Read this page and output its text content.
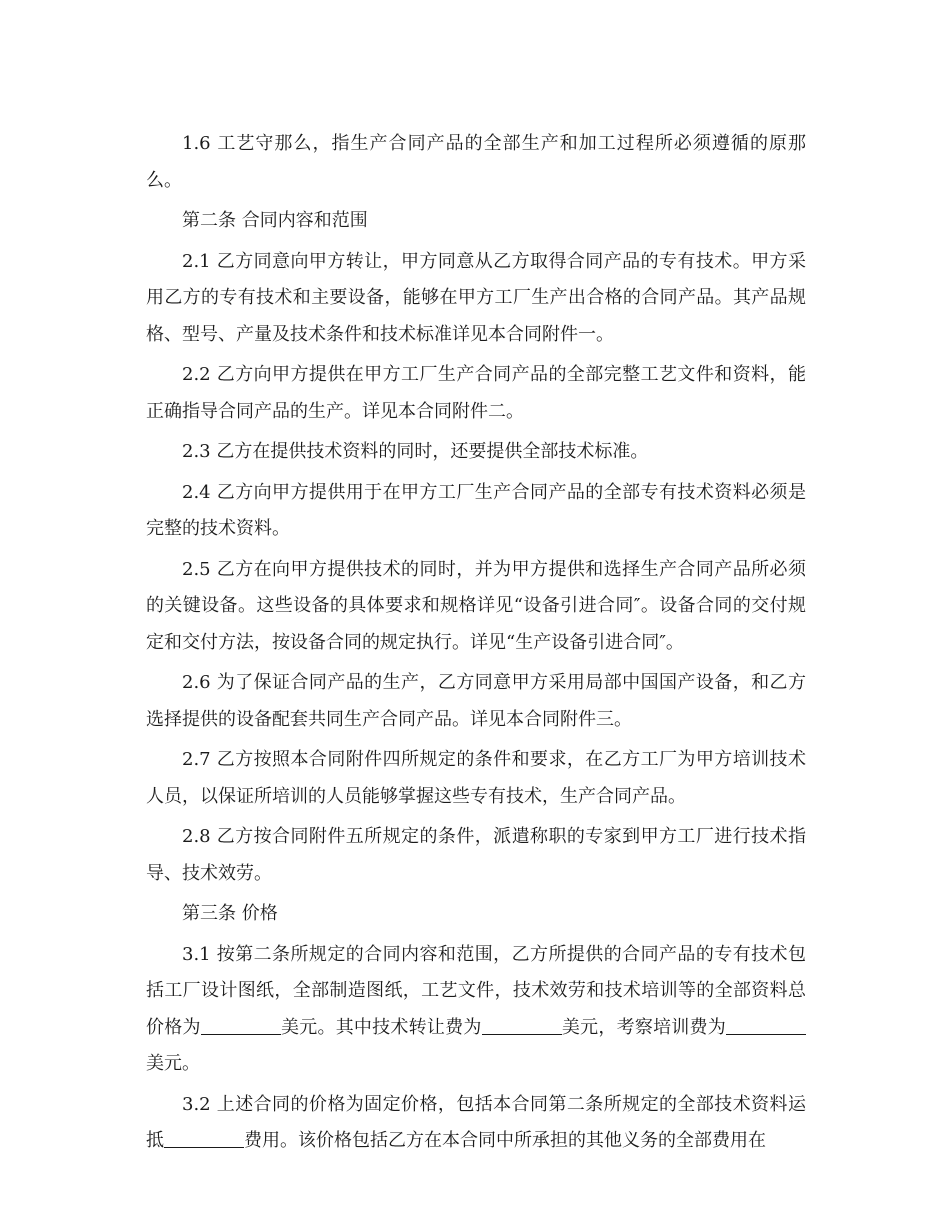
1.6 工艺守那么，指生产合同产品的全部生产和加工过程所必须遵循的原那么。

第二条 合同内容和范围

2.1 乙方同意向甲方转让，甲方同意从乙方取得合同产品的专有技术。甲方采用乙方的专有技术和主要设备，能够在甲方工厂生产出合格的合同产品。其产品规格、型号、产量及技术条件和技术标准详见本合同附件一。

2.2 乙方向甲方提供在甲方工厂生产合同产品的全部完整工艺文件和资料，能正确指导合同产品的生产。详见本合同附件二。

2.3 乙方在提供技术资料的同时，还要提供全部技术标准。

2.4 乙方向甲方提供用于在甲方工厂生产合同产品的全部专有技术资料必须是完整的技术资料。

2.5 乙方在向甲方提供技术的同时，并为甲方提供和选择生产合同产品所必须的关键设备。这些设备的具体要求和规格详见“设备引进合同″。设备合同的交付规定和交付方法，按设备合同的规定执行。详见“生产设备引进合同″。

2.6 为了保证合同产品的生产，乙方同意甲方采用局部中国国产设备，和乙方选择提供的设备配套共同生产合同产品。详见本合同附件三。

2.7 乙方按照本合同附件四所规定的条件和要求，在乙方工厂为甲方培训技术人员，以保证所培训的人员能够掌握这些专有技术，生产合同产品。

2.8 乙方按合同附件五所规定的条件，派遣称职的专家到甲方工厂进行技术指导、技术效劳。

第三条 价格

3.1 按第二条所规定的合同内容和范围，乙方所提供的合同产品的专有技术包括工厂设计图纸，全部制造图纸，工艺文件，技术效劳和技术培训等的全部资料总价格为	美元。其中技术转让费为	美元，考察培训费为美元。

3.2 上述合同的价格为固定价格，包括本合同第二条所规定的全部技术资料运抵	费用。该价格包括乙方在本合同中所承担的其他义务的全部费用在
